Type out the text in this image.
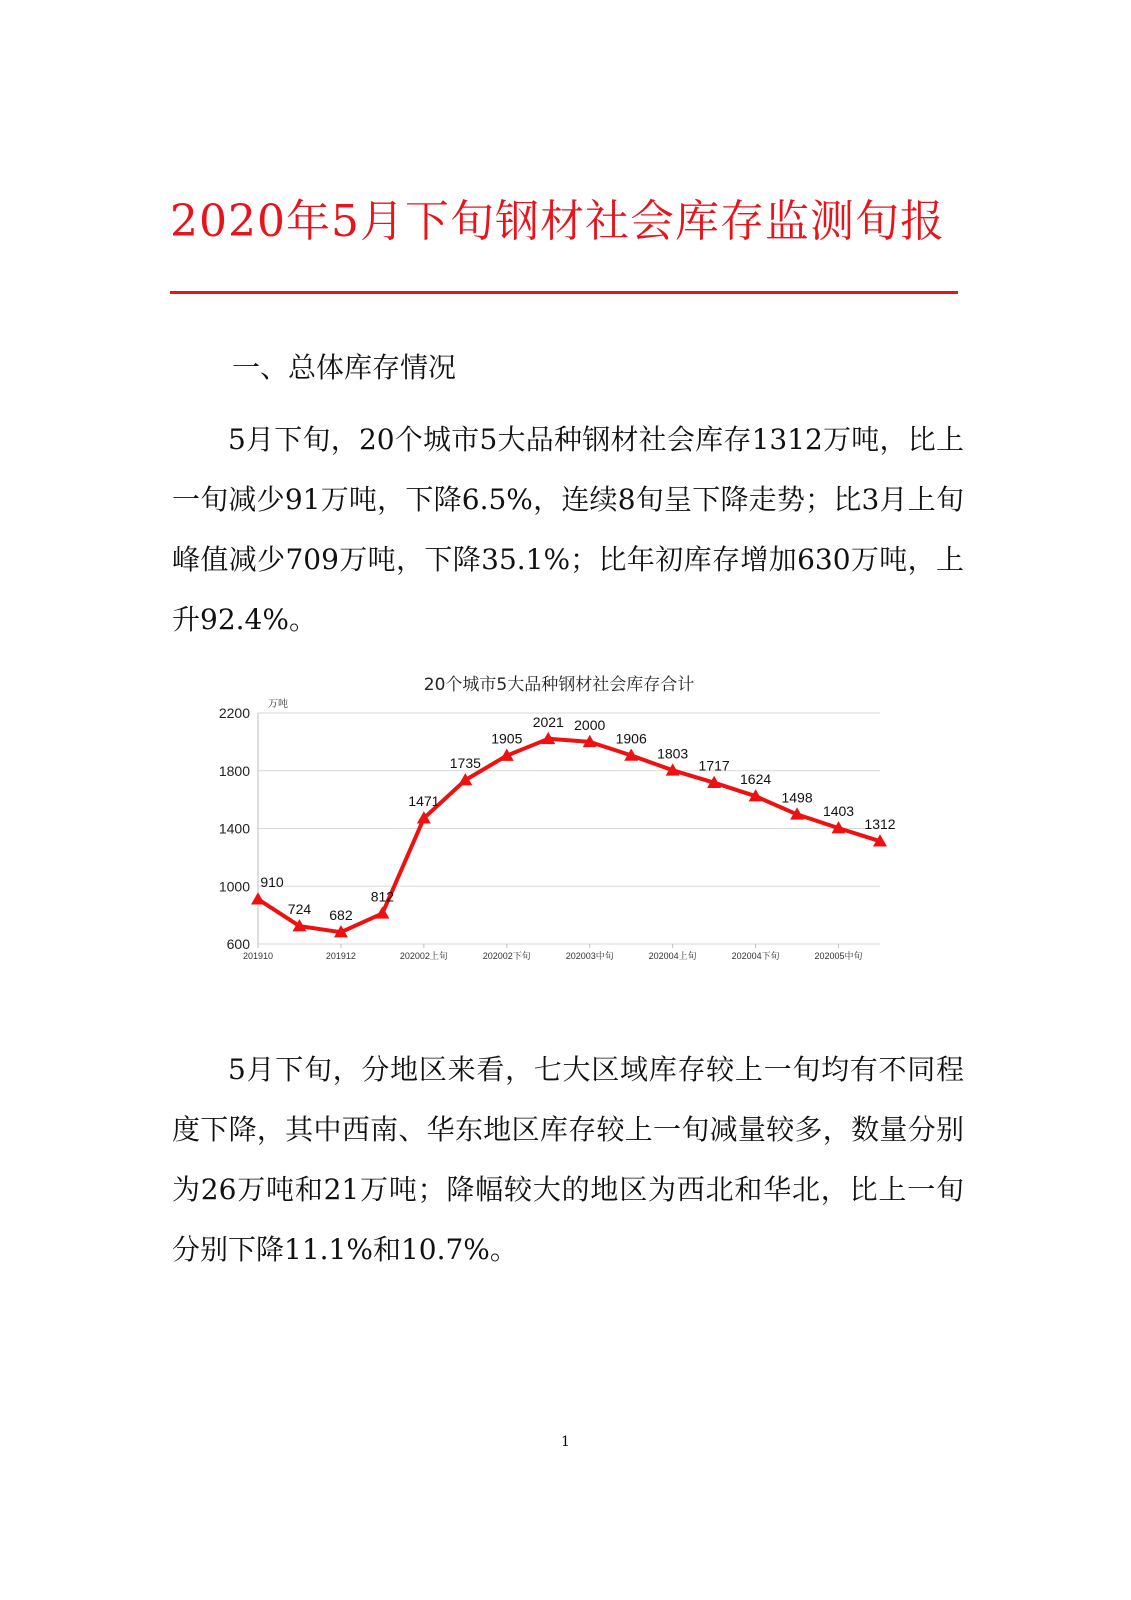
2020年5月下旬钢材社会库存监测旬报
一、总体库存情况

5月下旬，20个城市5大品种钢材社会库存1312万吨，比上一旬减少91万吨，下降6.5%，连续8旬呈下降走势；比3月上旬峰值减少709万吨，下降35.1%；比年初库存增加630万吨，上升92.4%。

20个城市5大品种钢材社会库存合计
万吨
600
1000
1400
1800
2200
201910	201912	202002上旬	202002下旬	202003中旬	202004上旬	202004下旬	202005中旬
910
724 682
812
1471
1735
1905
2021 2000
1906
1803
1717
1624
1498
1403
1312

5月下旬，分地区来看，七大区域库存较上一旬均有不同程度下降，其中西南、华东地区库存较上一旬减量较多，数量分别为26万吨和21万吨；降幅较大的地区为西北和华北，比上一旬分别下降11.1%和10.7%。

1
